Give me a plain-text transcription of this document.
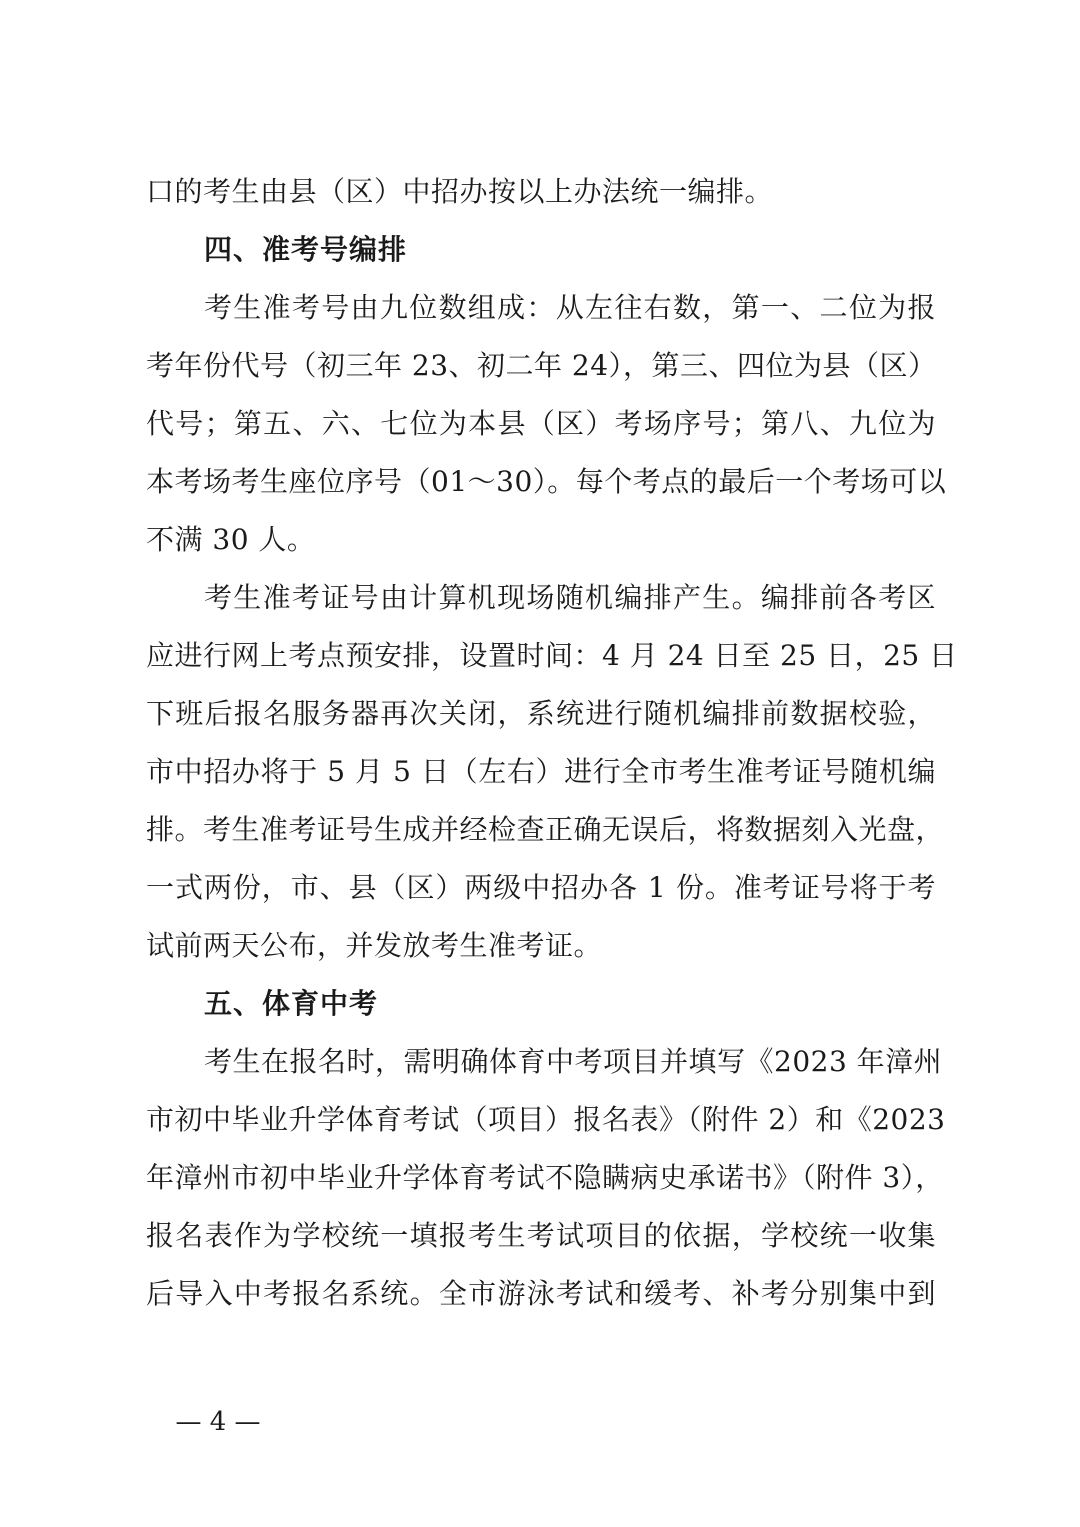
口的考生由县（区）中招办按以上办法统一编排。
四、准考号编排
考生准考号由九位数组成：从左往右数，第一、二位为报
考年份代号（初三年 23、初二年 24），第三、四位为县（区）
代号；第五、六、七位为本县（区）考场序号；第八、九位为
本考场考生座位序号（01～30）。每个考点的最后一个考场可以
不满 30 人。
考生准考证号由计算机现场随机编排产生。编排前各考区
应进行网上考点预安排，设置时间：4 月 24 日至 25 日，25 日
下班后报名服务器再次关闭，系统进行随机编排前数据校验，
市中招办将于 5 月 5 日（左右）进行全市考生准考证号随机编
排。考生准考证号生成并经检查正确无误后，将数据刻入光盘，
一式两份，市、县（区）两级中招办各 1 份。准考证号将于考
试前两天公布，并发放考生准考证。
五、体育中考
考生在报名时，需明确体育中考项目并填写《2023 年漳州
市初中毕业升学体育考试（项目）报名表》（附件 2）和《2023
年漳州市初中毕业升学体育考试不隐瞒病史承诺书》（附件 3），
报名表作为学校统一填报考生考试项目的依据，学校统一收集
后导入中考报名系统。全市游泳考试和缓考、补考分别集中到
— 4 —
